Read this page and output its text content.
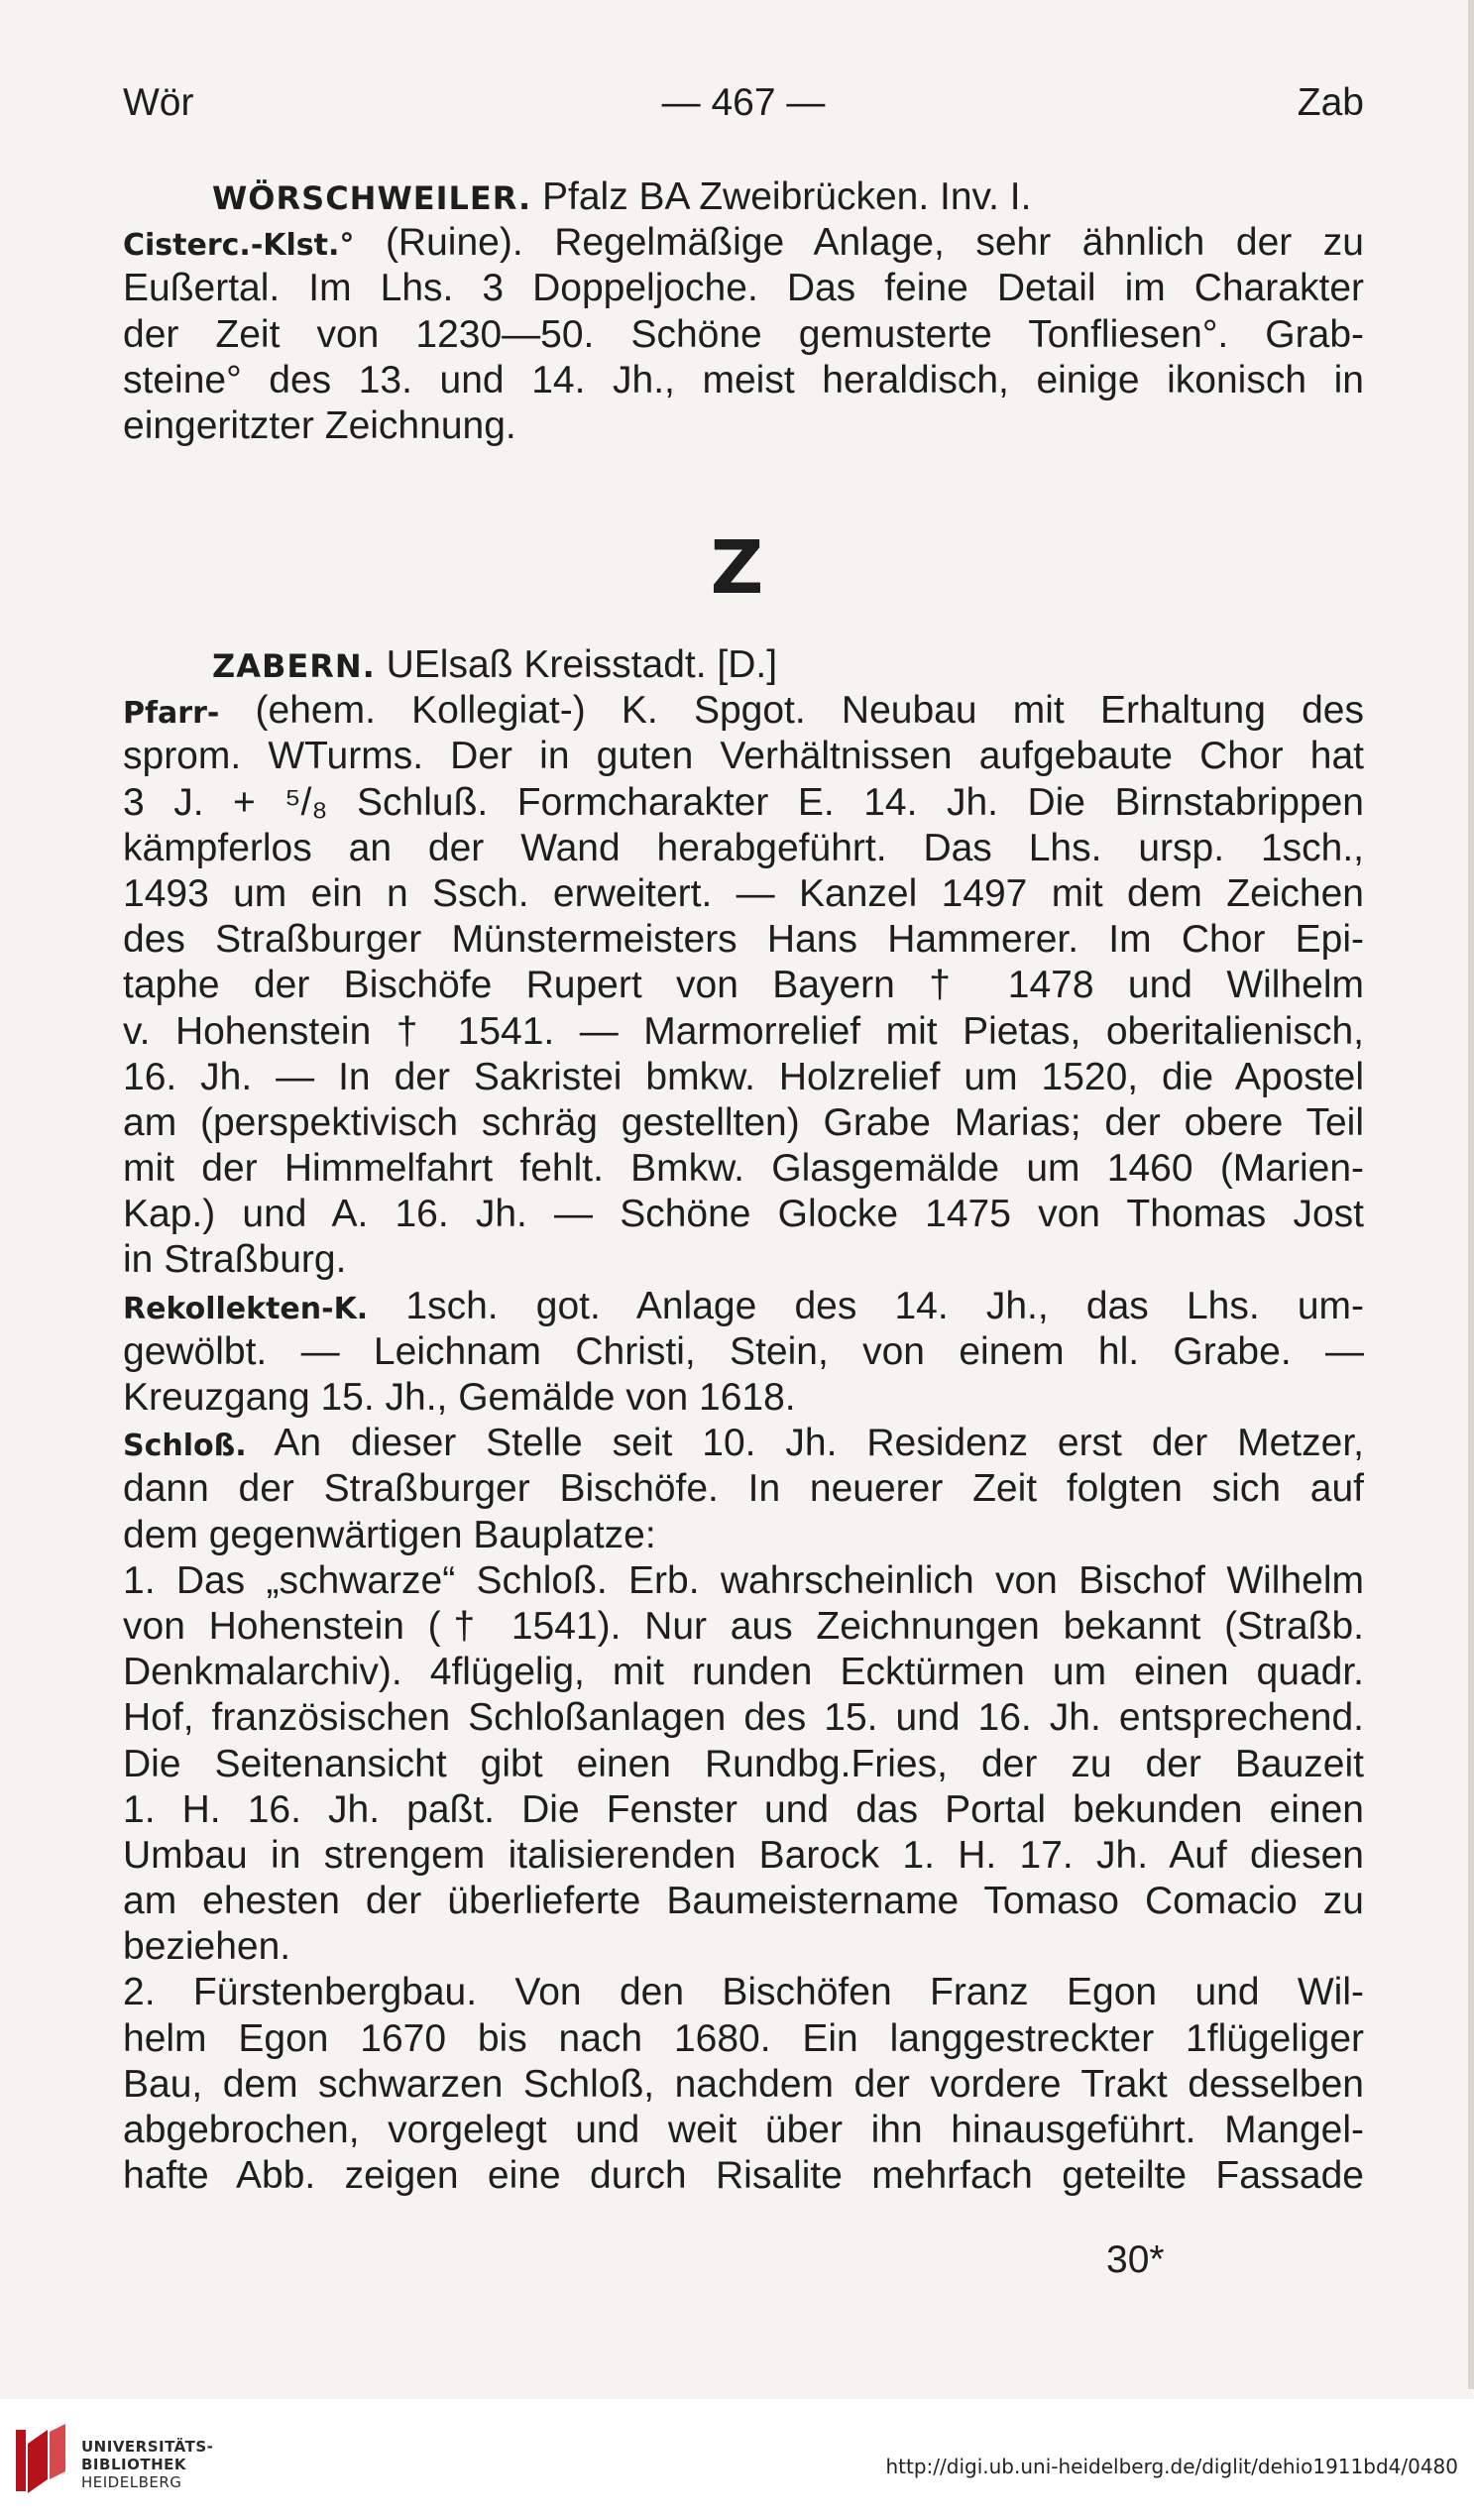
Wör	— 467 —	Zab
WÖRSCHWEILER. Pfalz BA Zweibrücken. Inv. I.
Cisterc.-Klst.° (Ruine). Regelmäßige Anlage, sehr ähnlich der zu
Eußertal. Im Lhs. 3 Doppeljoche. Das feine Detail im Charakter
der Zeit von 1230—50. Schöne gemusterte Tonfliesen°. Grab-
steine° des 13. und 14. Jh., meist heraldisch, einige ikonisch in
eingeritzter Zeichnung.
Z
ZABERN. UElsaß Kreisstadt. [D.]
Pfarr- (ehem. Kollegiat-) K. Spgot. Neubau mit Erhaltung des
sprom. WTurms. Der in guten Verhältnissen aufgebaute Chor hat
3 J. + ⁵/₈ Schluß. Formcharakter E. 14. Jh. Die Birnstabrippen
kämpferlos an der Wand herabgeführt. Das Lhs. ursp. 1sch.,
1493 um ein n Ssch. erweitert. — Kanzel 1497 mit dem Zeichen
des Straßburger Münstermeisters Hans Hammerer. Im Chor Epi-
taphe der Bischöfe Rupert von Bayern † 1478 und Wilhelm
v. Hohenstein † 1541. — Marmorrelief mit Pietas, oberitalienisch,
16. Jh. — In der Sakristei bmkw. Holzrelief um 1520, die Apostel
am (perspektivisch schräg gestellten) Grabe Marias; der obere Teil
mit der Himmelfahrt fehlt. Bmkw. Glasgemälde um 1460 (Marien-
Kap.) und A. 16. Jh. — Schöne Glocke 1475 von Thomas Jost
in Straßburg.
Rekollekten-K. 1sch. got. Anlage des 14. Jh., das Lhs. um-
gewölbt. — Leichnam Christi, Stein, von einem hl. Grabe. —
Kreuzgang 15. Jh., Gemälde von 1618.
Schloß. An dieser Stelle seit 10. Jh. Residenz erst der Metzer,
dann der Straßburger Bischöfe. In neuerer Zeit folgten sich auf
dem gegenwärtigen Bauplatze:
1. Das „schwarze“ Schloß. Erb. wahrscheinlich von Bischof Wilhelm
von Hohenstein († 1541). Nur aus Zeichnungen bekannt (Straßb.
Denkmalarchiv). 4flügelig, mit runden Ecktürmen um einen quadr.
Hof, französischen Schloßanlagen des 15. und 16. Jh. entsprechend.
Die Seitenansicht gibt einen Rundbg.Fries, der zu der Bauzeit
1. H. 16. Jh. paßt. Die Fenster und das Portal bekunden einen
Umbau in strengem italisierenden Barock 1. H. 17. Jh. Auf diesen
am ehesten der überlieferte Baumeistername Tomaso Comacio zu
beziehen.
2. Fürstenbergbau. Von den Bischöfen Franz Egon und Wil-
helm Egon 1670 bis nach 1680. Ein langgestreckter 1flügeliger
Bau, dem schwarzen Schloß, nachdem der vordere Trakt desselben
abgebrochen, vorgelegt und weit über ihn hinausgeführt. Mangel-
hafte Abb. zeigen eine durch Risalite mehrfach geteilte Fassade
30*
UNIVERSITÄTS-
BIBLIOTHEK
HEIDELBERG
http://digi.ub.uni-heidelberg.de/diglit/dehio1911bd4/0480
